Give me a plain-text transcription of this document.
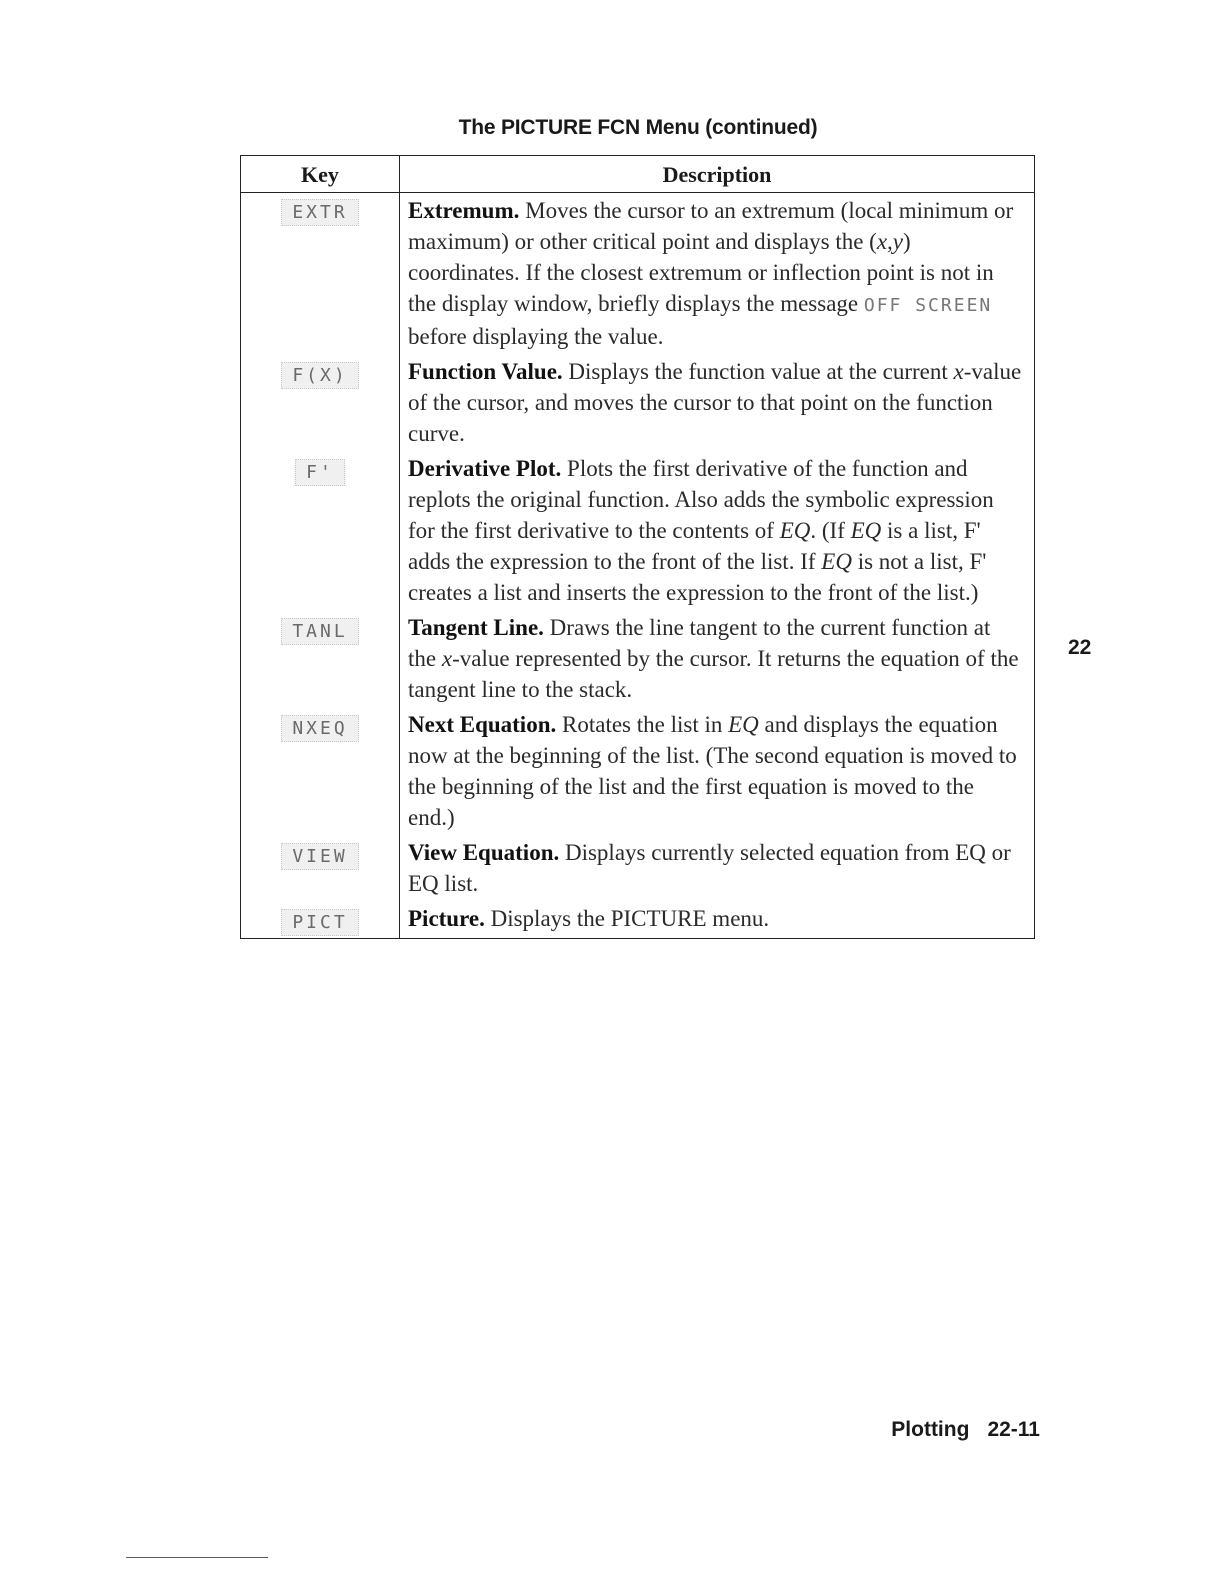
The PICTURE FCN Menu (continued)
Key	Description
EXTR	Extremum. Moves the cursor to an extremum (local minimum or maximum) or other critical point and displays the (x,y) coordinates. If the closest extremum or inflection point is not in the display window, briefly displays the message OFF SCREEN before displaying the value.

F(X)	Function Value. Displays the function value at the current x-value of the cursor, and moves the cursor to that point on the function curve.

F'	Derivative Plot. Plots the first derivative of the function and replots the original function. Also adds the symbolic expression for the first derivative to the contents of EQ. (If EQ is a list, F' adds the expression to the front of the list. If EQ is not a list, F' creates a list and inserts the expression to the front of the list.)

TANL	Tangent Line. Draws the line tangent to the current function at the x-value represented by the cursor. It returns the equation of the tangent line to the stack.

NXEQ	Next Equation. Rotates the list in EQ and displays the equation now at the beginning of the list. (The second equation is moved to the beginning of the list and the first equation is moved to the end.)

VIEW	View Equation. Displays currently selected equation from EQ or EQ list.

PICT	Picture. Displays the PICTURE menu.
22
Plotting 22-11
